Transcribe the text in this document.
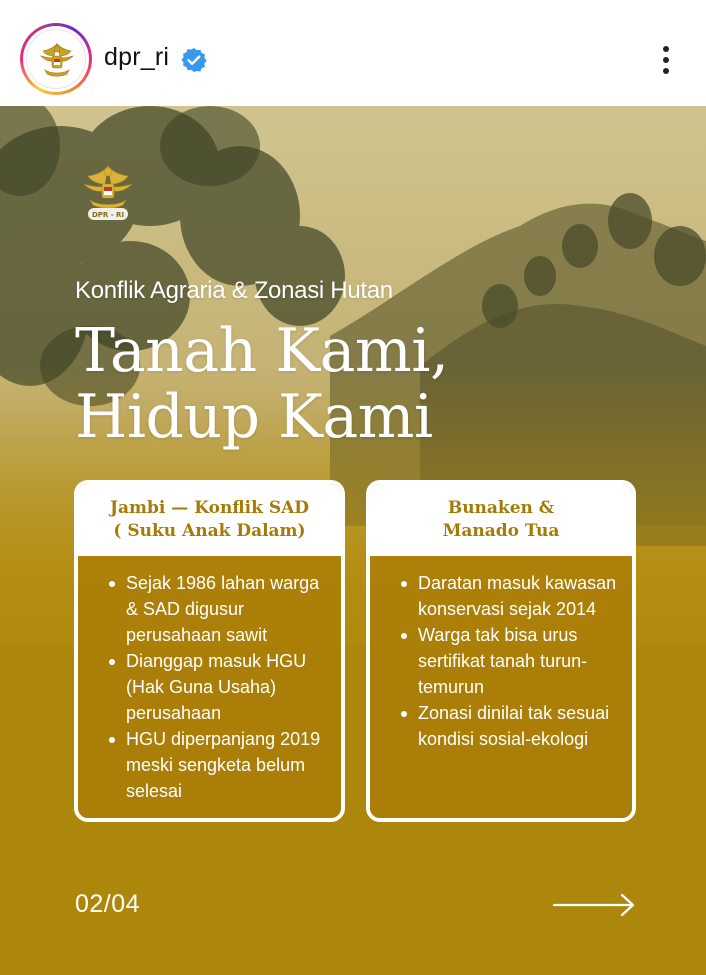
dpr_ri
DPR - RI
Konflik Agraria & Zonasi Hutan
Tanah Kami,
Hidup Kami
Jambi — Konflik SAD
( Suku Anak Dalam)
Sejak 1986 lahan warga & SAD digusur perusahaan sawit
Dianggap masuk HGU (Hak Guna Usaha) perusahaan
HGU diperpanjang 2019 meski sengketa belum selesai
Bunaken &
Manado Tua
Daratan masuk kawasan konservasi sejak 2014
Warga tak bisa urus sertifikat tanah turun-temurun
Zonasi dinilai tak sesuai kondisi sosial-ekologi
02/04
